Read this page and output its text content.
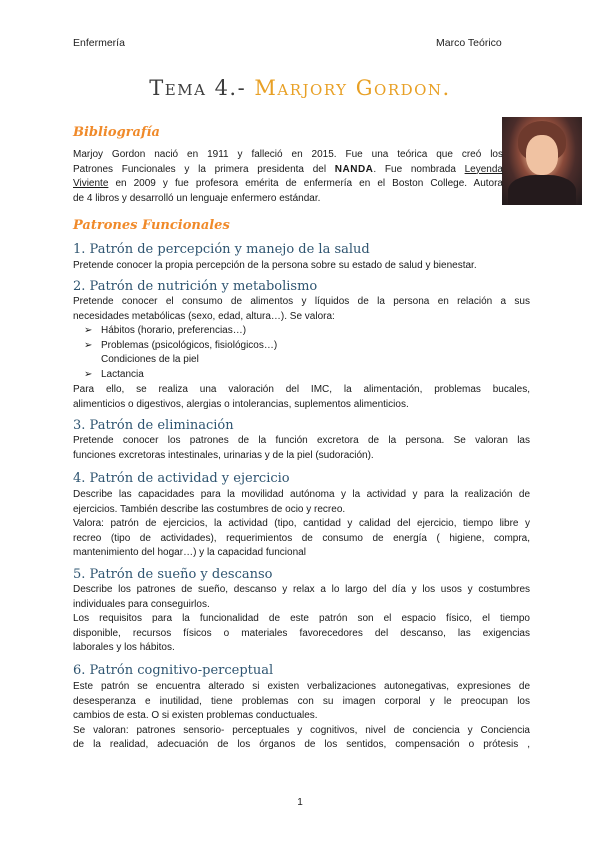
Enfermería	Marco Teórico
Tema 4.- Marjory Gordon.
Bibliografía
Marjoy Gordon nació en 1911 y falleció en 2015. Fue una teórica que creó los
Patrones Funcionales y la primera presidenta del NANDA. Fue nombrada Leyenda
Viviente en 2009 y fue profesora emérita de enfermería en el Boston College. Autora
de 4 libros y desarrolló un lenguaje enfermero estándar.
Patrones Funcionales
1. Patrón de percepción y manejo de la salud
Pretende conocer la propia percepción de la persona sobre su estado de salud y bienestar.
2. Patrón de nutrición y metabolismo
Pretende conocer el consumo de alimentos y líquidos de la persona en relación a sus
necesidades metabólicas (sexo, edad, altura…). Se valora:
➢ Hábitos (horario, preferencias…)
➢ Problemas (psicológicos, fisiológicos…)
Condiciones de la piel
➢ Lactancia
Para ello, se realiza una valoración del IMC, la alimentación, problemas bucales,
alimenticios o digestivos, alergias o intolerancias, suplementos alimenticios.
3. Patrón de eliminación
Pretende conocer los patrones de la función excretora de la persona. Se valoran las
funciones excretoras intestinales, urinarias y de la piel (sudoración).
4. Patrón de actividad y ejercicio
Describe las capacidades para la movilidad autónoma y la actividad y para la realización de
ejercicios. También describe las costumbres de ocio y recreo.
Valora: patrón de ejercicios, la actividad (tipo, cantidad y calidad del ejercicio, tiempo libre y
recreo (tipo de actividades), requerimientos de consumo de energía ( higiene, compra,
mantenimiento del hogar…) y la capacidad funcional
5. Patrón de sueño y descanso
Describe los patrones de sueño, descanso y relax a lo largo del día y los usos y costumbres
individuales para conseguirlos.
Los requisitos para la funcionalidad de este patrón son el espacio físico, el tiempo
disponible, recursos físicos o materiales favorecedores del descanso, las exigencias
laborales y los hábitos.
6. Patrón cognitivo-perceptual
Este patrón se encuentra alterado si existen verbalizaciones autonegativas, expresiones de
desesperanza e inutilidad, tiene problemas con su imagen corporal y le preocupan los
cambios de esta. O si existen problemas conductuales.
Se valoran: patrones sensorio- perceptuales y cognitivos, nivel de conciencia y Conciencia
de la realidad, adecuación de los órganos de los sentidos, compensación o prótesis ,
1
